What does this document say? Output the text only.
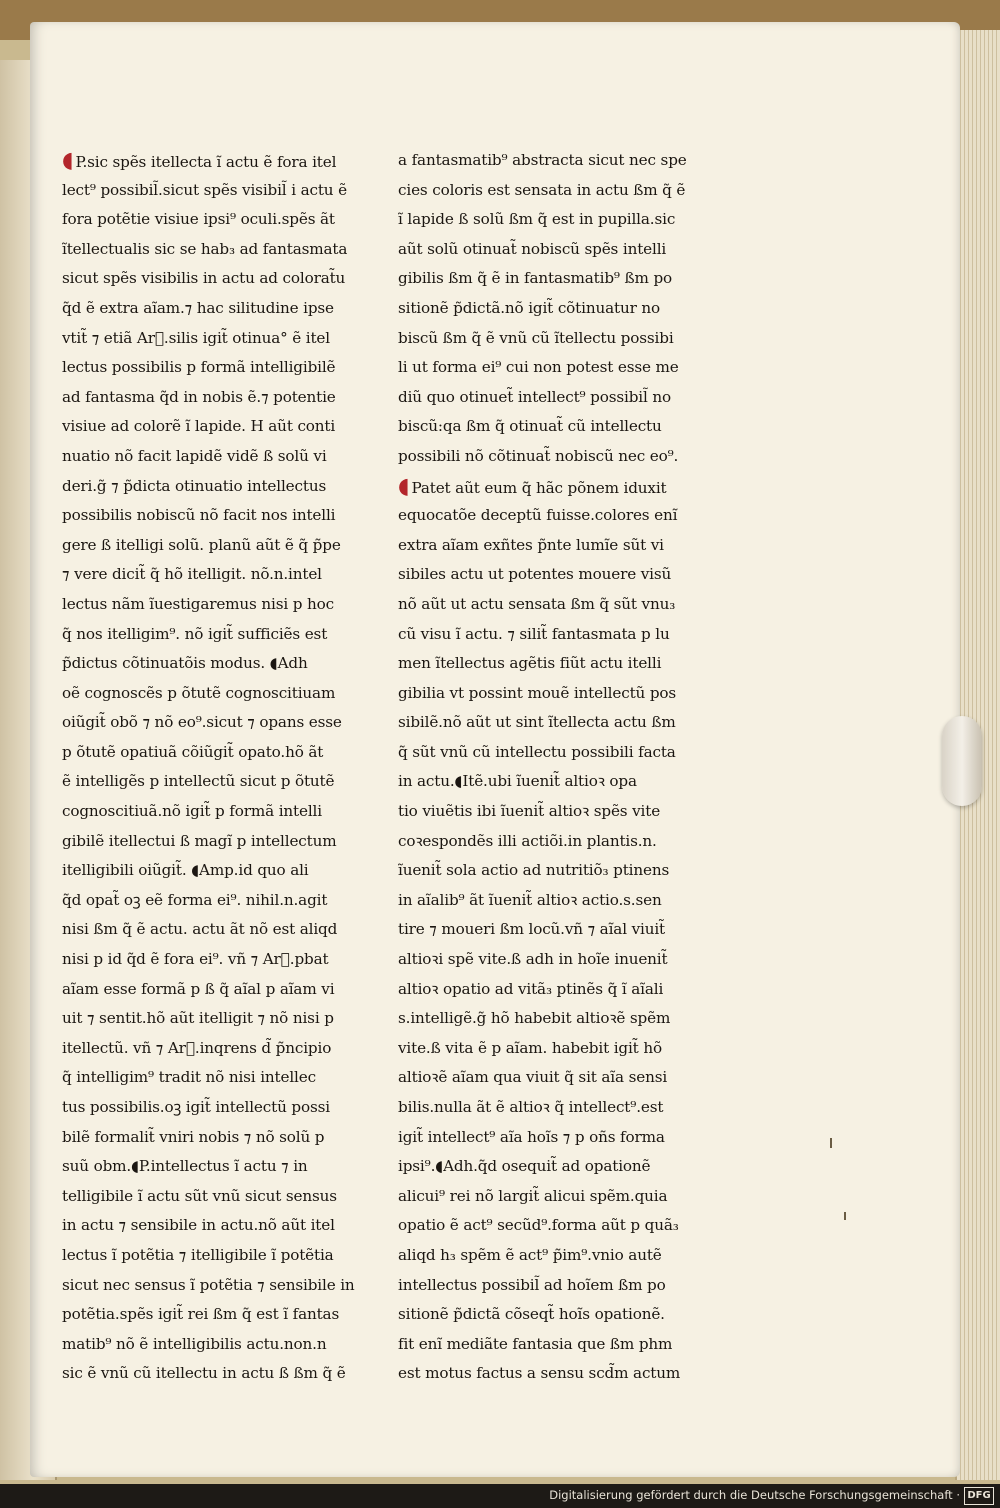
◖ P.sic spẽs itellecta ĩ actu ẽ fora itel
lect⁹ possibil̃.sicut spẽs visibil̃ i actu ẽ
fora potẽtie visiue ipsi⁹ oculi.spẽs ãt
ĩtellectualis sic se hab₃ ad fantasmata
sicut spẽs visibilis in actu ad colorat̃u
q̃d ẽ extra aĩam.⁊ hac silitudine ipse
vtit̃ ⁊ etiã Arᷓ.silis igit̃ otinua° ẽ itel
lectus possibilis p formã intelligibilẽ
ad fantasma q̃d in nobis ẽ.⁊ potentie
visiue ad colorẽ ĩ lapide. H aũt conti
nuatio nõ facit lapidẽ vidẽ ß solũ vi
deri.g̃ ⁊ p̃dicta otinuatio intellectus
possibilis nobiscũ nõ facit nos intelli
gere ß itelligi solũ. planũ aũt ẽ q̃ p̃pe
⁊ vere dicit̃ q̃ hõ itelligit. nõ.n.intel
lectus nãm ĩuestigaremus nisi p hoc
q̃ nos itelligim⁹. nõ igit̃ sufficiẽs est
p̃dictus cõtinuatõis modus. ◖Adh
oẽ cognoscẽs p õtutẽ cognoscitiuam
oiũgit̃ obõ ⁊ nõ eo⁹.sicut ⁊ opans esse
p õtutẽ opatiuã cõiũgit̃ opato.hõ ãt
ẽ intelligẽs p intellectũ sicut p õtutẽ
cognoscitiuã.nõ igit̃ p formã intelli
gibilẽ itellectui ß magĩ p intellectum
itelligibili oiũgit̃. ◖Amp.id quo ali
q̃d opat̃ oꝫ eẽ forma ei⁹. nihil.n.agit
nisi ßm q̃ ẽ actu. actu ãt nõ est aliqd
nisi p id q̃d ẽ fora ei⁹. vñ ⁊ Arᷓ.pbat
aĩam esse formã p ß q̃ aĩal p aĩam vi
uit ⁊ sentit.hõ aũt itelligit ⁊ nõ nisi p
itellectũ. vñ ⁊ Arᷓ.inqrens d̃ p̃ncipio
q̃ intelligim⁹ tradit nõ nisi intellec
tus possibilis.oꝫ igit̃ intellectũ possi
bilẽ formalit̃ vniri nobis ⁊ nõ solũ p
suũ obm.◖P.intellectus ĩ actu ⁊ in
telligibile ĩ actu sũt vnũ sicut sensus
in actu ⁊ sensibile in actu.nõ aũt itel
lectus ĩ potẽtia ⁊ itelligibile ĩ potẽtia
sicut nec sensus ĩ potẽtia ⁊ sensibile in
potẽtia.spẽs igit̃ rei ßm q̃ est ĩ fantas
matib⁹ nõ ẽ intelligibilis actu.non.n
sic ẽ vnũ cũ itellectu in actu ß ßm q̃ ẽ
a fantasmatib⁹ abstracta sicut nec spe
cies coloris est sensata in actu ßm q̃ ẽ
ĩ lapide ß solũ ßm q̃ est in pupilla.sic
aũt solũ otinuat̃ nobiscũ spẽs intelli
gibilis ßm q̃ ẽ in fantasmatib⁹ ßm po
sitionẽ p̃dictã.nõ igit̃ cõtinuatur no
biscũ ßm q̃ ẽ vnũ cũ ĩtellectu possibi
li ut forma ei⁹ cui non potest esse me
diũ quo otinuet̃ intellect⁹ possibil̃ no
biscũ:qa ßm q̃ otinuat̃ cũ intellectu
possibili nõ cõtinuat̃ nobiscũ nec eo⁹.
◖ Patet aũt eum q̃ hãc põnem iduxit
equocatõe deceptũ fuisse.colores enĩ
extra aĩam exñtes p̃nte lumĩe sũt vi
sibiles actu ut potentes mouere visũ
nõ aũt ut actu sensata ßm q̃ sũt vnu₃
cũ visu ĩ actu. ⁊ silit̃ fantasmata p lu
men ĩtellectus agẽtis fiũt actu itelli
gibilia vt possint mouẽ intellectũ pos
sibilẽ.nõ aũt ut sint ĩtellecta actu ßm
q̃ sũt vnũ cũ intellectu possibili facta
in actu.◖Itẽ.ubi ĩuenit̃ altioꝛ opa
tio viuẽtis ibi ĩuenit̃ altioꝛ spẽs vite
coꝛespondẽs illi actiõi.in plantis.n.
ĩuenit̃ sola actio ad nutritiõ₃ ptinens
in aĩalib⁹ ãt ĩuenit̃ altioꝛ actio.s.sen
tire ⁊ moueri ßm locũ.vñ ⁊ aĩal viuit̃
altioꝛi spẽ vite.ß adh in hoĩe inuenit̃
altioꝛ opatio ad vitã₃ ptinẽs q̃ ĩ aĩali
s.intelligẽ.g̃ hõ habebit altioꝛẽ spẽm
vite.ß vita ẽ p aĩam. habebit igit̃ hõ
altioꝛẽ aĩam qua viuit q̃ sit aĩa sensi
bilis.nulla ãt ẽ altioꝛ q̃ intellect⁹.est
igit̃ intellect⁹ aĩa hoĩs ⁊ p oñs forma
ipsi⁹.◖Adh.q̃d osequit̃ ad opationẽ
alicui⁹ rei nõ largit̃ alicui spẽm.quia
opatio ẽ act⁹ secũd⁹.forma aũt p quã₃
aliqd h₃ spẽm ẽ act⁹ p̃im⁹.vnio autẽ
intellectus possibil̃ ad hoĩem ßm po
sitionẽ p̃dictã cõseqt̃ hoĩs opationẽ.
fit enĩ mediãte fantasia que ßm phm
est motus factus a sensu scd̃m actum
Digitalisierung gefördert durch die Deutsche Forschungsgemeinschaft · DFG
